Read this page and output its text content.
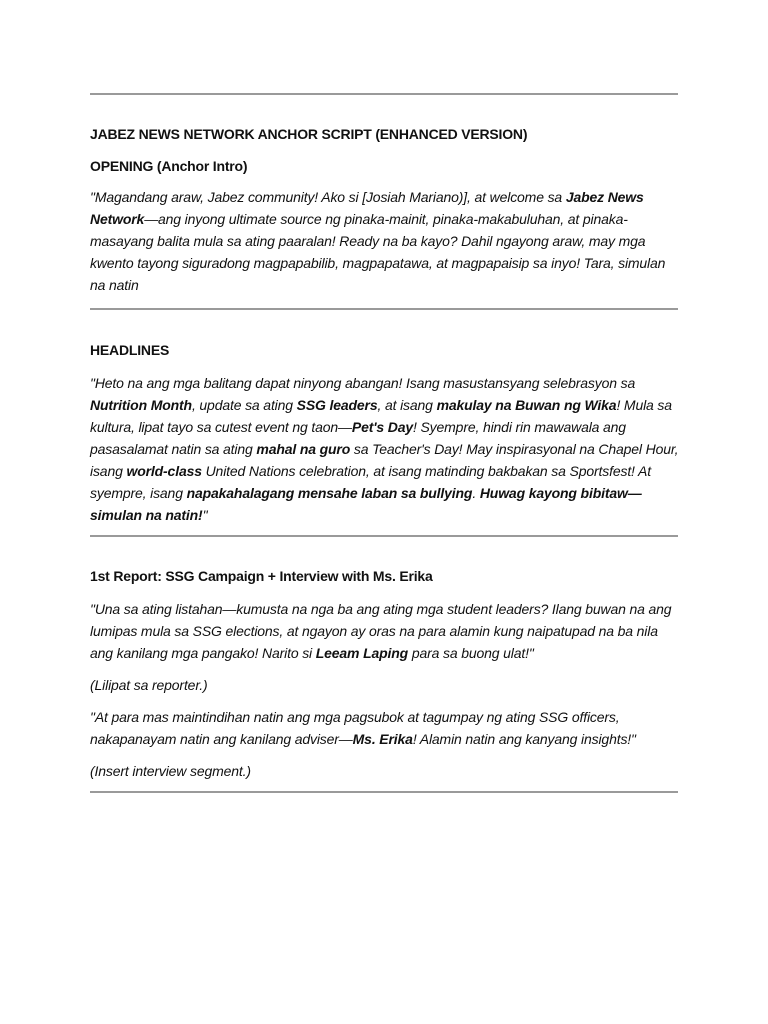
JABEZ NEWS NETWORK ANCHOR SCRIPT (ENHANCED VERSION)

OPENING (Anchor Intro)

"Magandang araw, Jabez community! Ako si [Josiah Mariano)], at welcome sa Jabez News Network—ang inyong ultimate source ng pinaka-mainit, pinaka-makabuluhan, at pinaka-masayang balita mula sa ating paaralan! Ready na ba kayo? Dahil ngayong araw, may mga kwento tayong siguradong magpapabilib, magpapatawa, at magpapaisip sa inyo! Tara, simulan na natin

HEADLINES

"Heto na ang mga balitang dapat ninyong abangan! Isang masustansyang selebrasyon sa Nutrition Month, update sa ating SSG leaders, at isang makulay na Buwan ng Wika! Mula sa kultura, lipat tayo sa cutest event ng taon—Pet's Day! Syempre, hindi rin mawawala ang pasasalamat natin sa ating mahal na guro sa Teacher's Day! May inspirasyonal na Chapel Hour, isang world-class United Nations celebration, at isang matinding bakbakan sa Sportsfest! At syempre, isang napakahalagang mensahe laban sa bullying. Huwag kayong bibitaw—simulan na natin!"

1st Report: SSG Campaign + Interview with Ms. Erika

"Una sa ating listahan—kumusta na nga ba ang ating mga student leaders? Ilang buwan na ang lumipas mula sa SSG elections, at ngayon ay oras na para alamin kung naipatupad na ba nila ang kanilang mga pangako! Narito si Leeam Laping para sa buong ulat!"

(Lilipat sa reporter.)

"At para mas maintindihan natin ang mga pagsubok at tagumpay ng ating SSG officers, nakapanayam natin ang kanilang adviser—Ms. Erika! Alamin natin ang kanyang insights!"

(Insert interview segment.)
